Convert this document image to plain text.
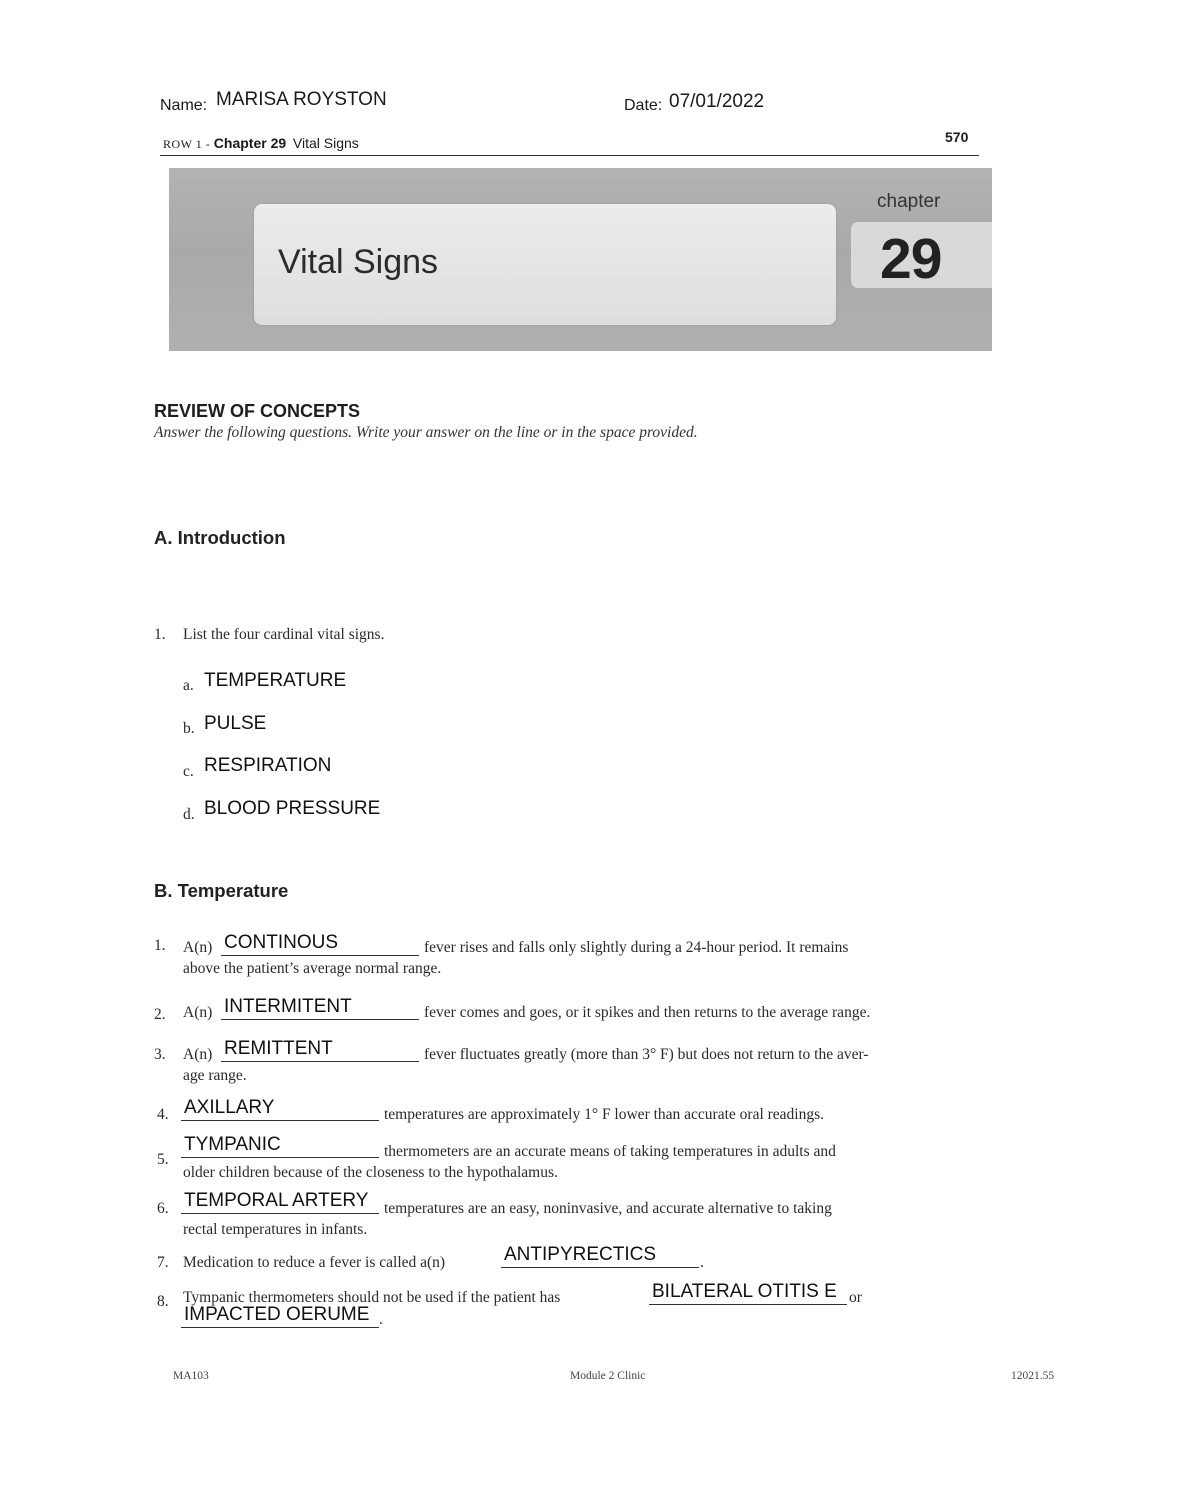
Name: MARISA ROYSTON	Date: 07/01/2022
ROW 1 - Chapter 29 Vital Signs	570
Vital Signs
chapter
29
REVIEW OF CONCEPTS
Answer the following questions. Write your answer on the line or in the space provided.
A. Introduction
1. List the four cardinal vital signs.
a. TEMPERATURE
b. PULSE
c. RESPIRATION
d. BLOOD PRESSURE
B. Temperature
1. A(n) CONTINOUS	fever rises and falls only slightly during a 24-hour period. It remains
above the patient’s average normal range.
2. A(n) INTERMITENT	fever comes and goes, or it spikes and then returns to the average range.
3. A(n) REMITTENT	fever fluctuates greatly (more than 3° F) but does not return to the aver-
age range.
4. AXILLARY	temperatures are approximately 1° F lower than accurate oral readings.
5.
TYMPANIC	thermometers are an accurate means of taking temperatures in adults and
older children because of the closeness to the hypothalamus.
6. TEMPORAL ARTERY	temperatures are an easy, noninvasive, and accurate alternative to taking
rectal temperatures in infants.
7. Medication to reduce a fever is called a(n)	ANTIPYRECTICS	.
8. Tympanic thermometers should not be used if the patient has	BILATERAL OTITIS E or
IMPACTED OERUME .
MA103	Module 2 Clinic	12021.55
